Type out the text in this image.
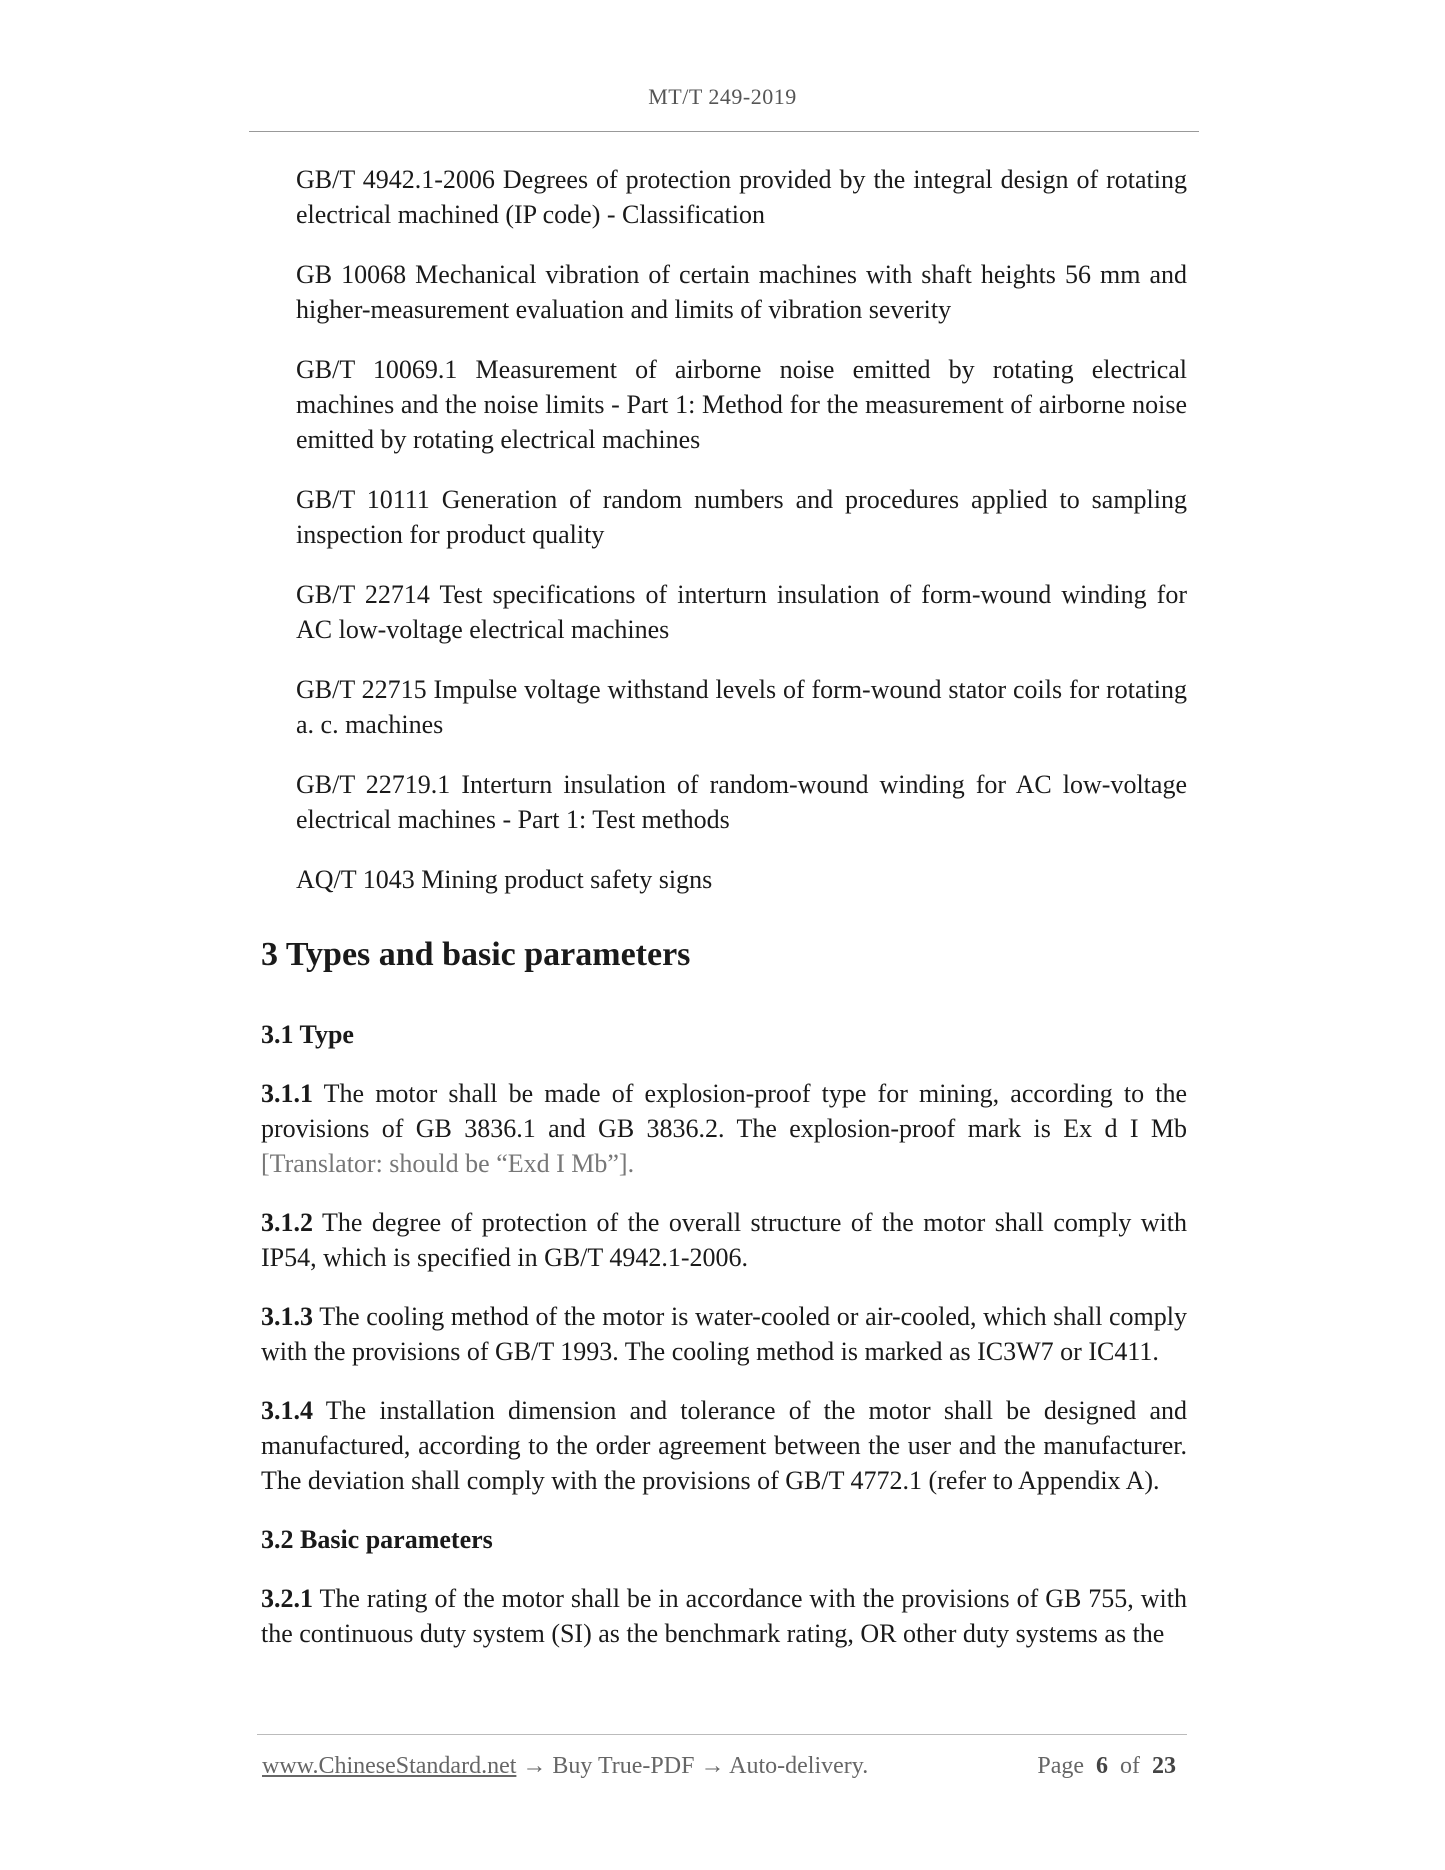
MT/T 249-2019

GB/T 4942.1-2006 Degrees of protection provided by the integral design of rotating electrical machined (IP code) - Classification

GB 10068 Mechanical vibration of certain machines with shaft heights 56 mm and higher-measurement evaluation and limits of vibration severity

GB/T 10069.1 Measurement of airborne noise emitted by rotating electrical machines and the noise limits - Part 1: Method for the measurement of airborne noise emitted by rotating electrical machines

GB/T 10111 Generation of random numbers and procedures applied to sampling inspection for product quality

GB/T 22714 Test specifications of interturn insulation of form-wound winding for AC low-voltage electrical machines

GB/T 22715 Impulse voltage withstand levels of form-wound stator coils for rotating a. c. machines

GB/T 22719.1 Interturn insulation of random-wound winding for AC low-voltage electrical machines - Part 1: Test methods

AQ/T 1043 Mining product safety signs

3 Types and basic parameters
3.1 Type

3.1.1 The motor shall be made of explosion-proof type for mining, according to the provisions of GB 3836.1 and GB 3836.2. The explosion-proof mark is Ex d I Mb [Translator: should be “Exd I Mb”].

3.1.2 The degree of protection of the overall structure of the motor shall comply with IP54, which is specified in GB/T 4942.1-2006.

3.1.3 The cooling method of the motor is water-cooled or air-cooled, which shall comply with the provisions of GB/T 1993. The cooling method is marked as IC3W7 or IC411.

3.1.4 The installation dimension and tolerance of the motor shall be designed and manufactured, according to the order agreement between the user and the manufacturer. The deviation shall comply with the provisions of GB/T 4772.1 (refer to Appendix A).

3.2 Basic parameters

3.2.1 The rating of the motor shall be in accordance with the provisions of GB 755, with the continuous duty system (SI) as the benchmark rating, OR other duty systems as the

www.ChineseStandard.net → Buy True-PDF → Auto-delivery.	Page 6 of 23
